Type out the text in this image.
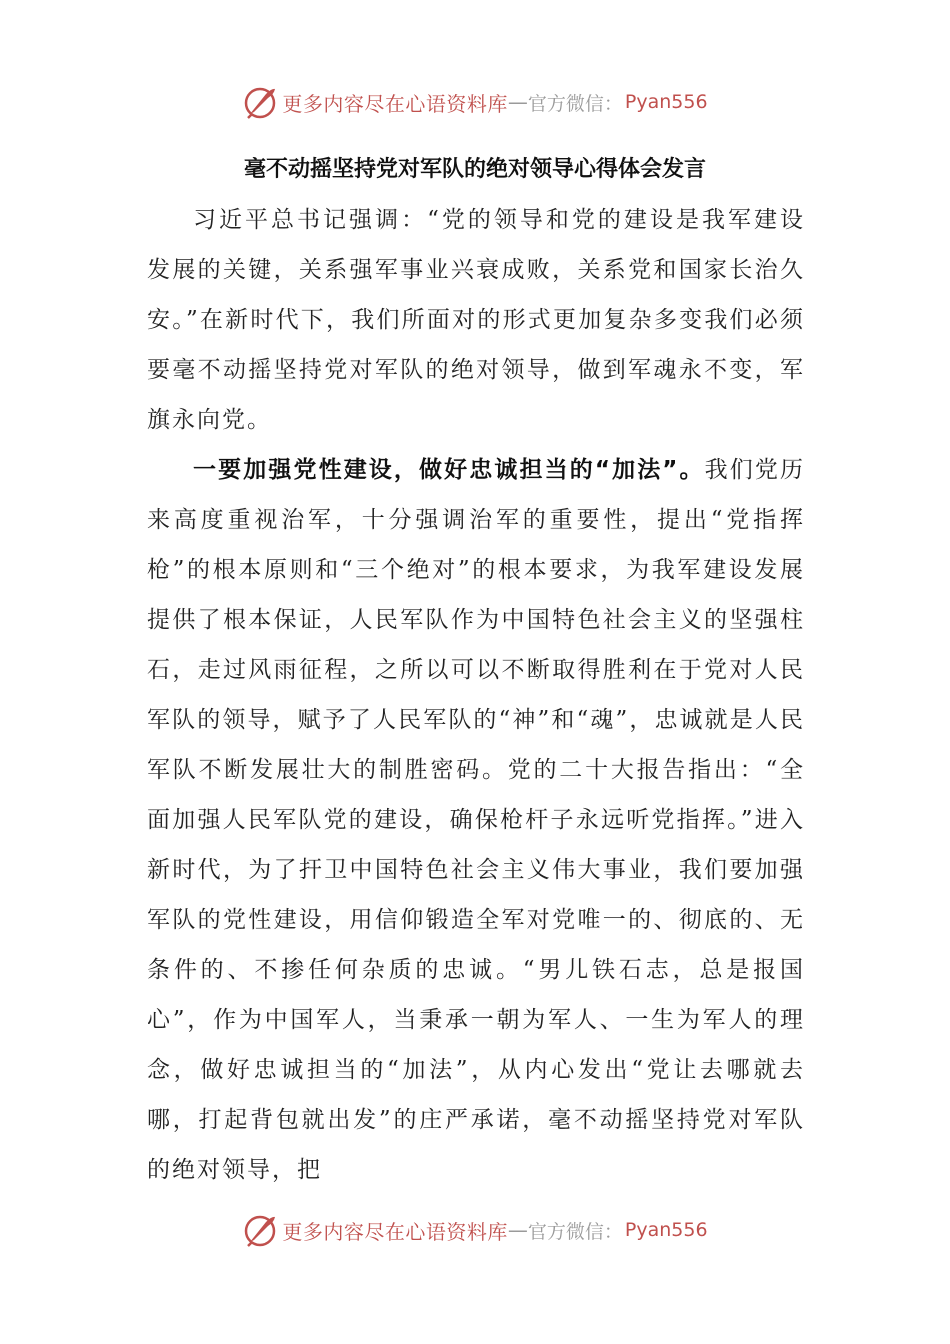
更多内容尽在心语资料库 — 官方微信： Pyan556
毫不动摇坚持党对军队的绝对领导心得体会发言

习近平总书记强调：“党的领导和党的建设是我军建设发展的关键，关系强军事业兴衰成败，关系党和国家长治久安。”在新时代下，我们所面对的形式更加复杂多变我们必须要毫不动摇坚持党对军队的绝对领导，做到军魂永不变，军旗永向党。

一要加强党性建设，做好忠诚担当的“加法”。我们党历来高度重视治军，十分强调治军的重要性，提出“党指挥枪”的根本原则和“三个绝对”的根本要求，为我军建设发展提供了根本保证，人民军队作为中国特色社会主义的坚强柱石，走过风雨征程，之所以可以不断取得胜利在于党对人民军队的领导，赋予了人民军队的“神”和“魂”，忠诚就是人民军队不断发展壮大的制胜密码。党的二十大报告指出：“全面加强人民军队党的建设，确保枪杆子永远听党指挥。”进入新时代，为了扞卫中国特色社会主义伟大事业，我们要加强军队的党性建设，用信仰锻造全军对党唯一的、彻底的、无条件的、不掺任何杂质的忠诚。“男儿铁石志，总是报国心”，作为中国军人，当秉承一朝为军人、一生为军人的理念，做好忠诚担当的“加法”，从内心发出“党让去哪就去哪，打起背包就出发”的庄严承诺，毫不动摇坚持党对军队的绝对领导，把

更多内容尽在心语资料库 — 官方微信： Pyan556
